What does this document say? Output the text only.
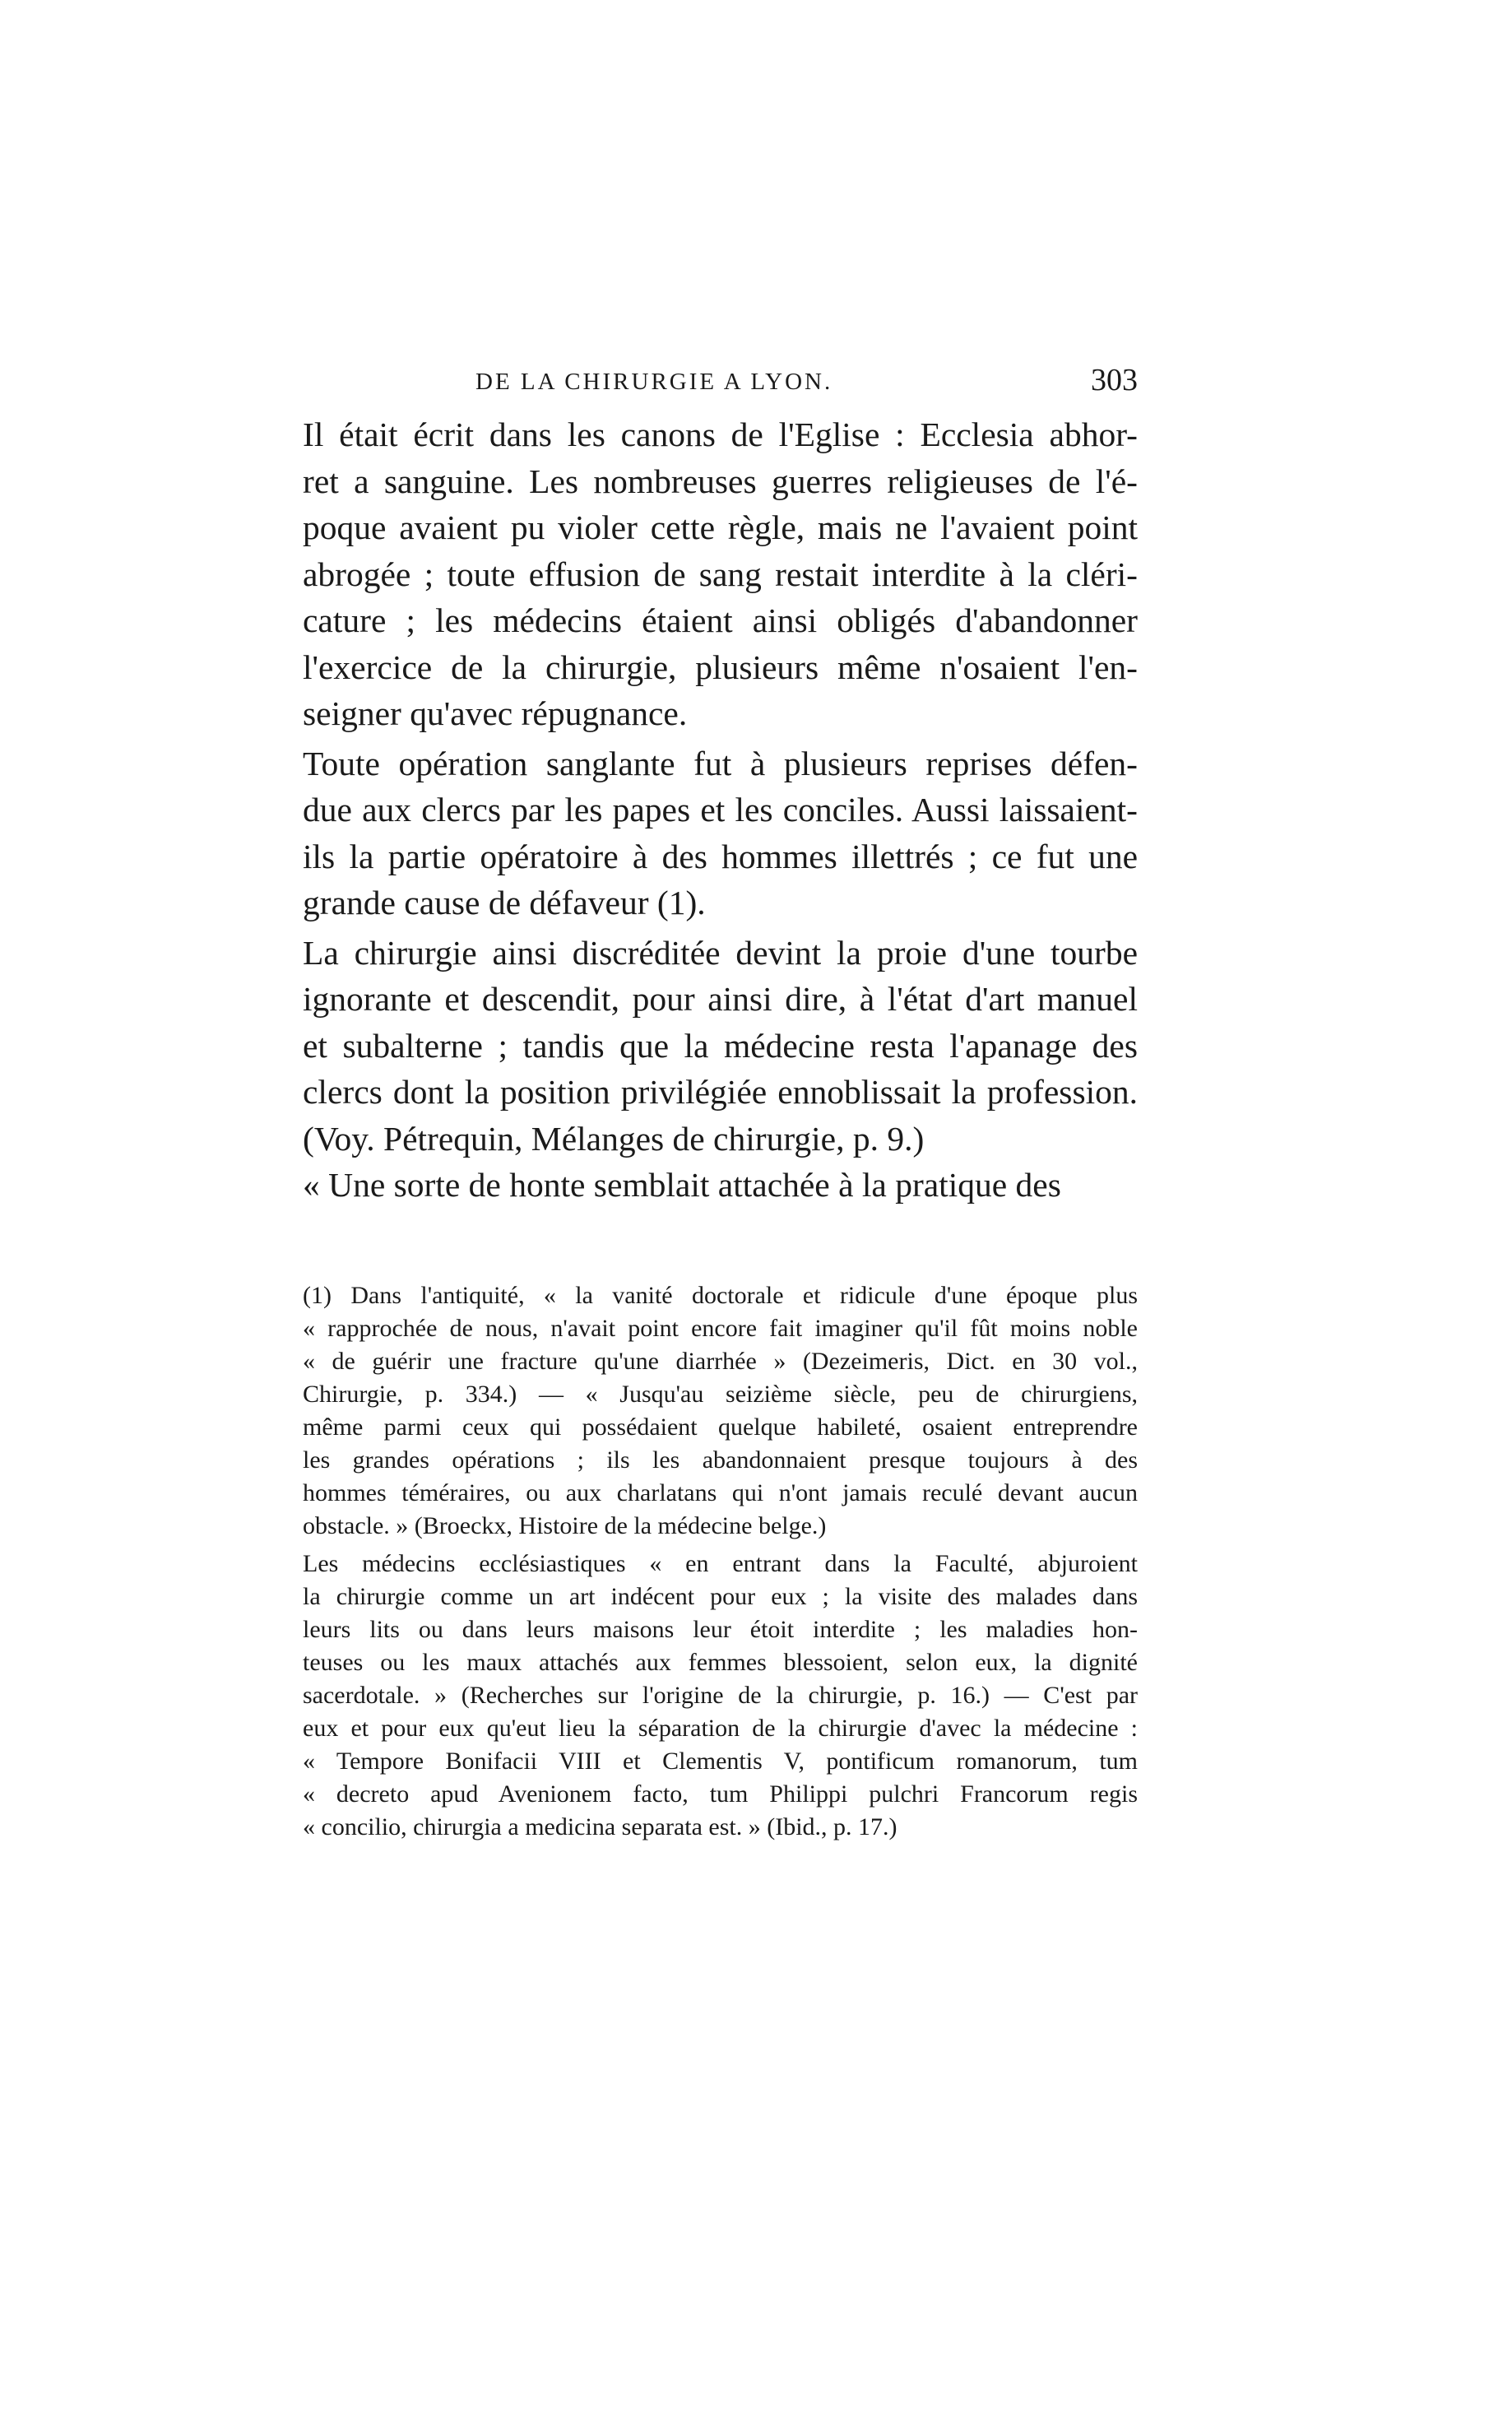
DE LA CHIRURGIE A LYON.	303

Il était écrit dans les canons de l'Eglise : Ecclesia abhor-
ret a sanguine. Les nombreuses guerres religieuses de l'é-
poque avaient pu violer cette règle, mais ne l'avaient point
abrogée ; toute effusion de sang restait interdite à la cléri-
cature ; les médecins étaient ainsi obligés d'abandonner
l'exercice de la chirurgie, plusieurs même n'osaient l'en-
seigner qu'avec répugnance.

Toute opération sanglante fut à plusieurs reprises défen-
due aux clercs par les papes et les conciles. Aussi laissaient-
ils la partie opératoire à des hommes illettrés ; ce fut une
grande cause de défaveur (1).

La chirurgie ainsi discréditée devint la proie d'une tourbe
ignorante et descendit, pour ainsi dire, à l'état d'art manuel
et subalterne ; tandis que la médecine resta l'apanage des
clercs dont la position privilégiée ennoblissait la profession.
(Voy. Pétrequin, Mélanges de chirurgie, p. 9.)

« Une sorte de honte semblait attachée à la pratique des

(1) Dans l'antiquité, « la vanité doctorale et ridicule d'une époque plus
« rapprochée de nous, n'avait point encore fait imaginer qu'il fût moins noble
« de guérir une fracture qu'une diarrhée » (Dezeimeris, Dict. en 30 vol.,
Chirurgie, p. 334.) — « Jusqu'au seizième siècle, peu de chirurgiens,
même parmi ceux qui possédaient quelque habileté, osaient entreprendre
les grandes opérations ; ils les abandonnaient presque toujours à des
hommes téméraires, ou aux charlatans qui n'ont jamais reculé devant aucun
obstacle. » (Broeckx, Histoire de la médecine belge.)

Les médecins ecclésiastiques « en entrant dans la Faculté, abjuroient
la chirurgie comme un art indécent pour eux ; la visite des malades dans
leurs lits ou dans leurs maisons leur étoit interdite ; les maladies hon-
teuses ou les maux attachés aux femmes blessoient, selon eux, la dignité
sacerdotale. » (Recherches sur l'origine de la chirurgie, p. 16.) — C'est par
eux et pour eux qu'eut lieu la séparation de la chirurgie d'avec la médecine :
« Tempore Bonifacii VIII et Clementis V, pontificum romanorum, tum
« decreto apud Avenionem facto, tum Philippi pulchri Francorum regis
« concilio, chirurgia a medicina separata est. » (Ibid., p. 17.)
